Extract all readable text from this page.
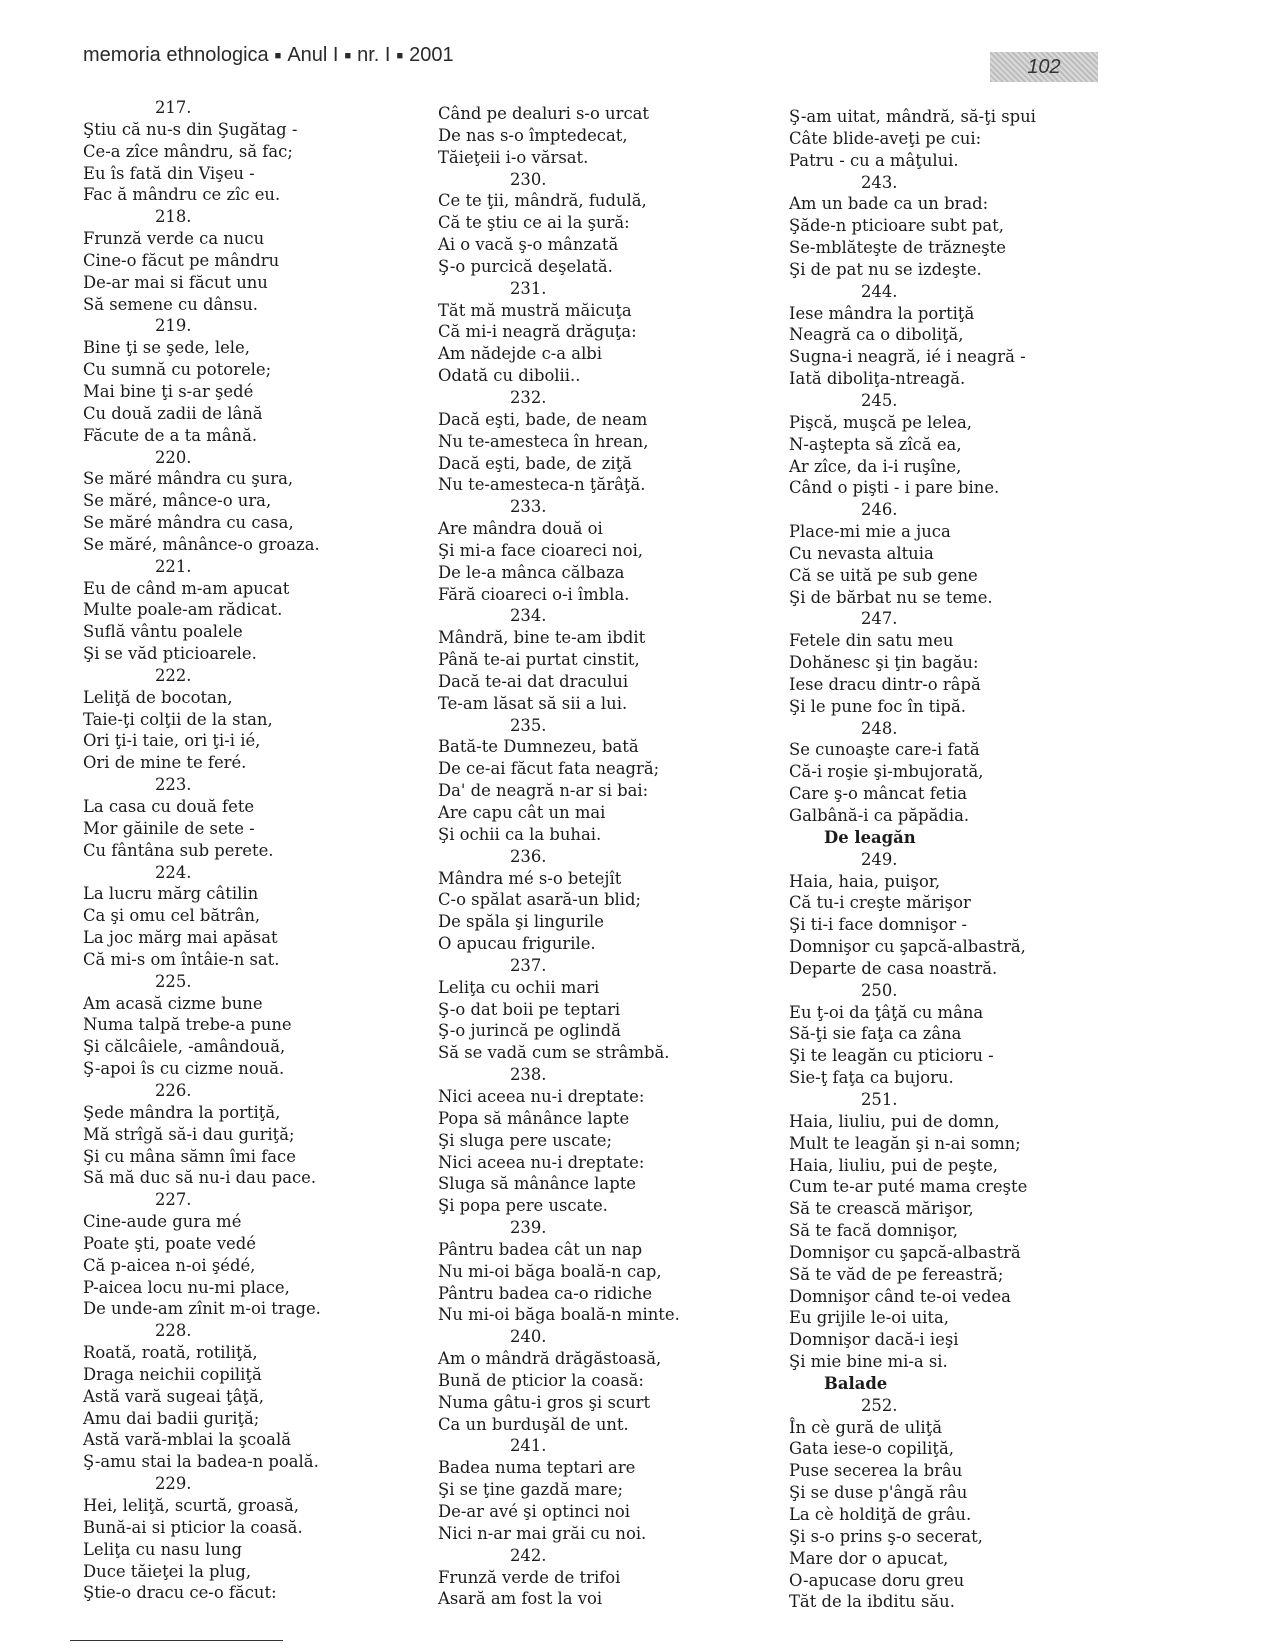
memoria ethnologica ■ Anul I ■ nr. I ■ 2001
102
217.
Ştiu că nu-s din Şugătag -
Ce-a zîce mândru, să fac;
Eu îs fată din Vişeu -
Fac ă mândru ce zîc eu.
218.
Frunză verde ca nucu
Cine-o făcut pe mândru
De-ar mai si făcut unu
Să semene cu dânsu.
219.
Bine ţi se şede, lele,
Cu sumnă cu potorele;
Mai bine ţi s-ar şedé
Cu două zadii de lână
Făcute de a ta mână.
220.
Se măré mândra cu şura,
Se măré, mânce-o ura,
Se măré mândra cu casa,
Se măré, mânânce-o groaza.
221.
Eu de când m-am apucat
Multe poale-am rădicat.
Suflă vântu poalele
Şi se văd pticioarele.
222.
Leliţă de bocotan,
Taie-ţi colţii de la stan,
Ori ţi-i taie, ori ţi-i ié,
Ori de mine te feré.
223.
La casa cu două fete
Mor găinile de sete -
Cu fântâna sub perete.
224.
La lucru mărg câtilin
Ca şi omu cel bătrân,
La joc mărg mai apăsat
Că mi-s om întâie-n sat.
225.
Am acasă cizme bune
Numa talpă trebe-a pune
Şi călcâiele, -amândouă,
Ş-apoi îs cu cizme nouă.
226.
Şede mândra la portiţă,
Mă strîgă să-i dau guriţă;
Şi cu mâna sămn îmi face
Să mă duc să nu-i dau pace.
227.
Cine-aude gura mé
Poate şti, poate vedé
Că p-aicea n-oi şédé,
P-aicea locu nu-mi place,
De unde-am zînit m-oi trage.
228.
Roată, roată, rotiliţă,
Draga neichii copiliţă
Astă vară sugeai ţâţă,
Amu dai badii guriţă;
Astă vară-mblai la şcoală
Ş-amu stai la badea-n poală.
229.
Hei, leliţă, scurtă, groasă,
Bună-ai si pticior la coasă.
Leliţa cu nasu lung
Duce tăieţei la plug,
Ştie-o dracu ce-o făcut:
Când pe dealuri s-o urcat
De nas s-o împtedecat,
Tăieţeii i-o vărsat.
230.
Ce te ţii, mândră, fudulă,
Că te ştiu ce ai la şură:
Ai o vacă ş-o mânzată
Ş-o purcică deşelată.
231.
Tăt mă mustră măicuţa
Că mi-i neagră drăguţa:
Am nădejde c-a albi
Odată cu dibolii..
232.
Dacă eşti, bade, de neam
Nu te-amesteca în hrean,
Dacă eşti, bade, de ziţă
Nu te-amesteca-n ţărâţă.
233.
Are mândra două oi
Şi mi-a face cioareci noi,
De le-a mânca călbaza
Fără cioareci o-i îmbla.
234.
Mândră, bine te-am ibdit
Până te-ai purtat cinstit,
Dacă te-ai dat dracului
Te-am lăsat să sii a lui.
235.
Bată-te Dumnezeu, bată
De ce-ai făcut fata neagră;
Da' de neagră n-ar si bai:
Are capu cât un mai
Şi ochii ca la buhai.
236.
Mândra mé s-o betejît
C-o spălat asară-un blid;
De spăla şi lingurile
O apucau frigurile.
237.
Leliţa cu ochii mari
Ş-o dat boii pe teptari
Ş-o jurincă pe oglindă
Să se vadă cum se strâmbă.
238.
Nici aceea nu-i dreptate:
Popa să mânânce lapte
Şi sluga pere uscate;
Nici aceea nu-i dreptate:
Sluga să mânânce lapte
Şi popa pere uscate.
239.
Pântru badea cât un nap
Nu mi-oi băga boală-n cap,
Pântru badea ca-o ridiche
Nu mi-oi băga boală-n minte.
240.
Am o mândră drăgăstoasă,
Bună de pticior la coasă:
Numa gâtu-i gros şi scurt
Ca un burduşăl de unt.
241.
Badea numa teptari are
Şi se ţine gazdă mare;
De-ar avé şi optinci noi
Nici n-ar mai grăi cu noi.
242.
Frunză verde de trifoi
Asară am fost la voi
Ş-am uitat, mândră, să-ţi spui
Câte blide-aveţi pe cui:
Patru - cu a mâţului.
243.
Am un bade ca un brad:
Şăde-n pticioare subt pat,
Se-mblăteşte de trăzneşte
Şi de pat nu se izdeşte.
244.
Iese mândra la portiţă
Neagră ca o diboliţă,
Sugna-i neagră, ié i neagră -
Iată diboliţa-ntreagă.
245.
Pişcă, muşcă pe lelea,
N-aştepta să zîcă ea,
Ar zîce, da i-i ruşîne,
Când o pişti - i pare bine.
246.
Place-mi mie a juca
Cu nevasta altuia
Că se uită pe sub gene
Şi de bărbat nu se teme.
247.
Fetele din satu meu
Dohănesc şi ţin bagău:
Iese dracu dintr-o râpă
Şi le pune foc în tipă.
248.
Se cunoaşte care-i fată
Că-i roşie şi-mbujorată,
Care ş-o mâncat fetia
Galbână-i ca păpădia.
De leagăn
249.
Haia, haia, puişor,
Că tu-i creşte mărişor
Şi ti-i face domnişor -
Domnişor cu şapcă-albastră,
Departe de casa noastră.
250.
Eu ţ-oi da ţâţă cu mâna
Să-ţi sie faţa ca zâna
Şi te leagăn cu pticioru -
Sie-ţ faţa ca bujoru.
251.
Haia, liuliu, pui de domn,
Mult te leagăn şi n-ai somn;
Haia, liuliu, pui de peşte,
Cum te-ar puté mama creşte
Să te crească mărişor,
Să te facă domnişor,
Domnişor cu şapcă-albastră
Să te văd de pe fereastră;
Domnişor când te-oi vedea
Eu grijile le-oi uita,
Domnişor dacă-i ieşi
Şi mie bine mi-a si.
Balade
252.
În cè gură de uliţă
Gata iese-o copiliţă,
Puse secerea la brâu
Şi se duse p'ângă râu
La cè holdiţă de grâu.
Şi s-o prins ş-o secerat,
Mare dor o apucat,
O-apucase doru greu
Tăt de la ibditu său.
